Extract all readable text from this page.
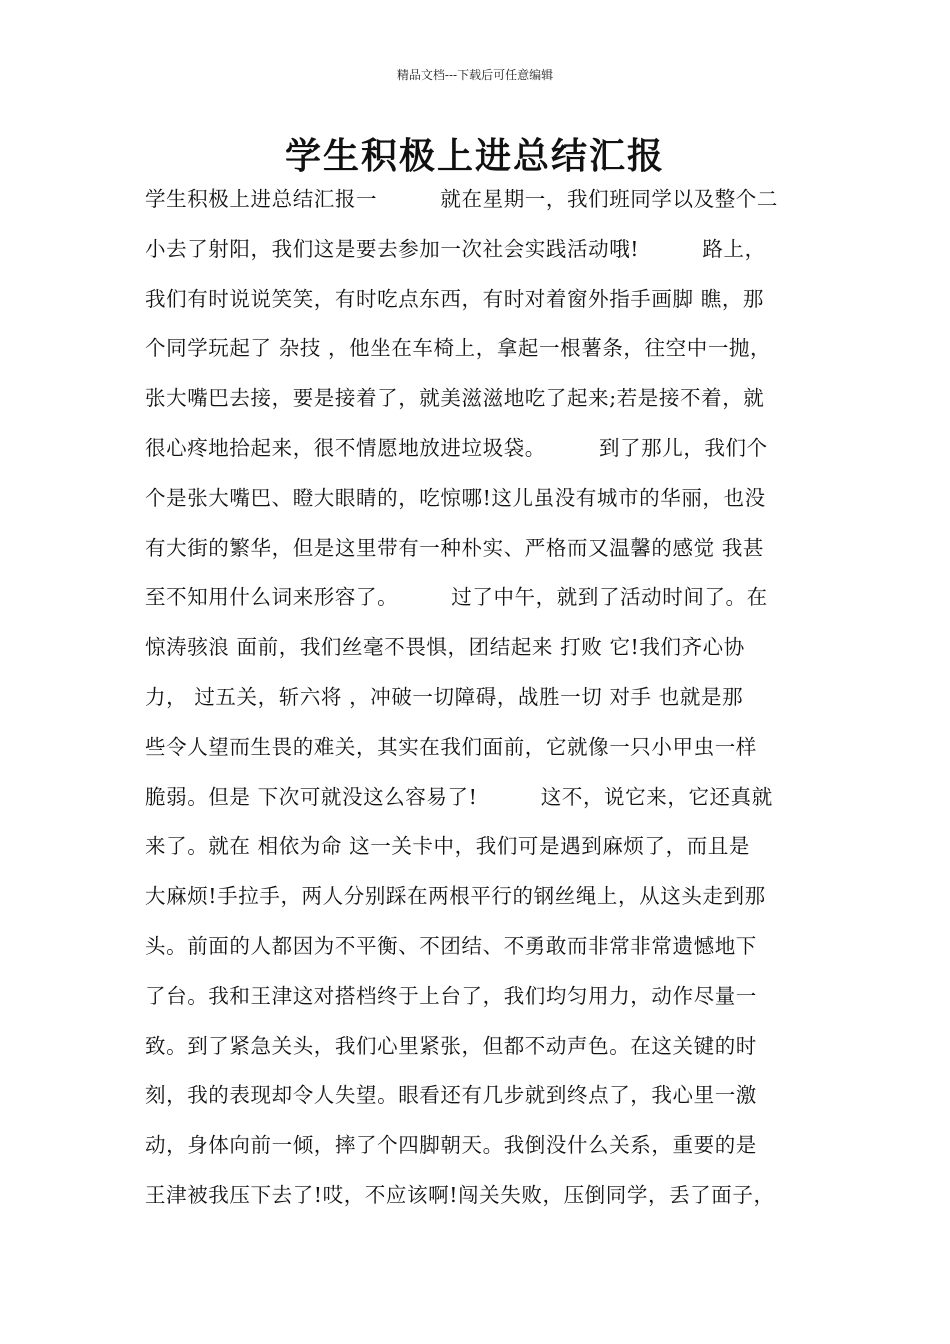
精品文档---下载后可任意编辑
学生积极上进总结汇报
学生积极上进总结汇报一　　　就在星期一，我们班同学以及整个二
小去了射阳，我们这是要去参加一次社会实践活动哦!　　　路上，
我们有时说说笑笑，有时吃点东西，有时对着窗外指手画脚 瞧，那
个同学玩起了 杂技 ，他坐在车椅上，拿起一根薯条，往空中一抛，
张大嘴巴去接，要是接着了，就美滋滋地吃了起来;若是接不着，就
很心疼地拾起来，很不情愿地放进垃圾袋。　　　到了那儿，我们个
个是张大嘴巴、瞪大眼睛的，吃惊哪!这儿虽没有城市的华丽，也没
有大街的繁华，但是这里带有一种朴实、严格而又温馨的感觉 我甚
至不知用什么词来形容了。　　　过了中午，就到了活动时间了。在
惊涛骇浪 面前，我们丝毫不畏惧，团结起来 打败 它!我们齐心协
力， 过五关，斩六将 ，冲破一切障碍，战胜一切 对手 也就是那
些令人望而生畏的难关，其实在我们面前，它就像一只小甲虫一样
脆弱。但是 下次可就没这么容易了!　　　这不，说它来，它还真就
来了。就在 相依为命 这一关卡中，我们可是遇到麻烦了，而且是
大麻烦!手拉手，两人分别踩在两根平行的钢丝绳上，从这头走到那
头。前面的人都因为不平衡、不团结、不勇敢而非常非常遗憾地下
了台。我和王津这对搭档终于上台了，我们均匀用力，动作尽量一
致。到了紧急关头，我们心里紧张，但都不动声色。在这关键的时
刻，我的表现却令人失望。眼看还有几步就到终点了，我心里一激
动，身体向前一倾，摔了个四脚朝天。我倒没什么关系，重要的是
王津被我压下去了!哎，不应该啊!闯关失败，压倒同学，丢了面子，
